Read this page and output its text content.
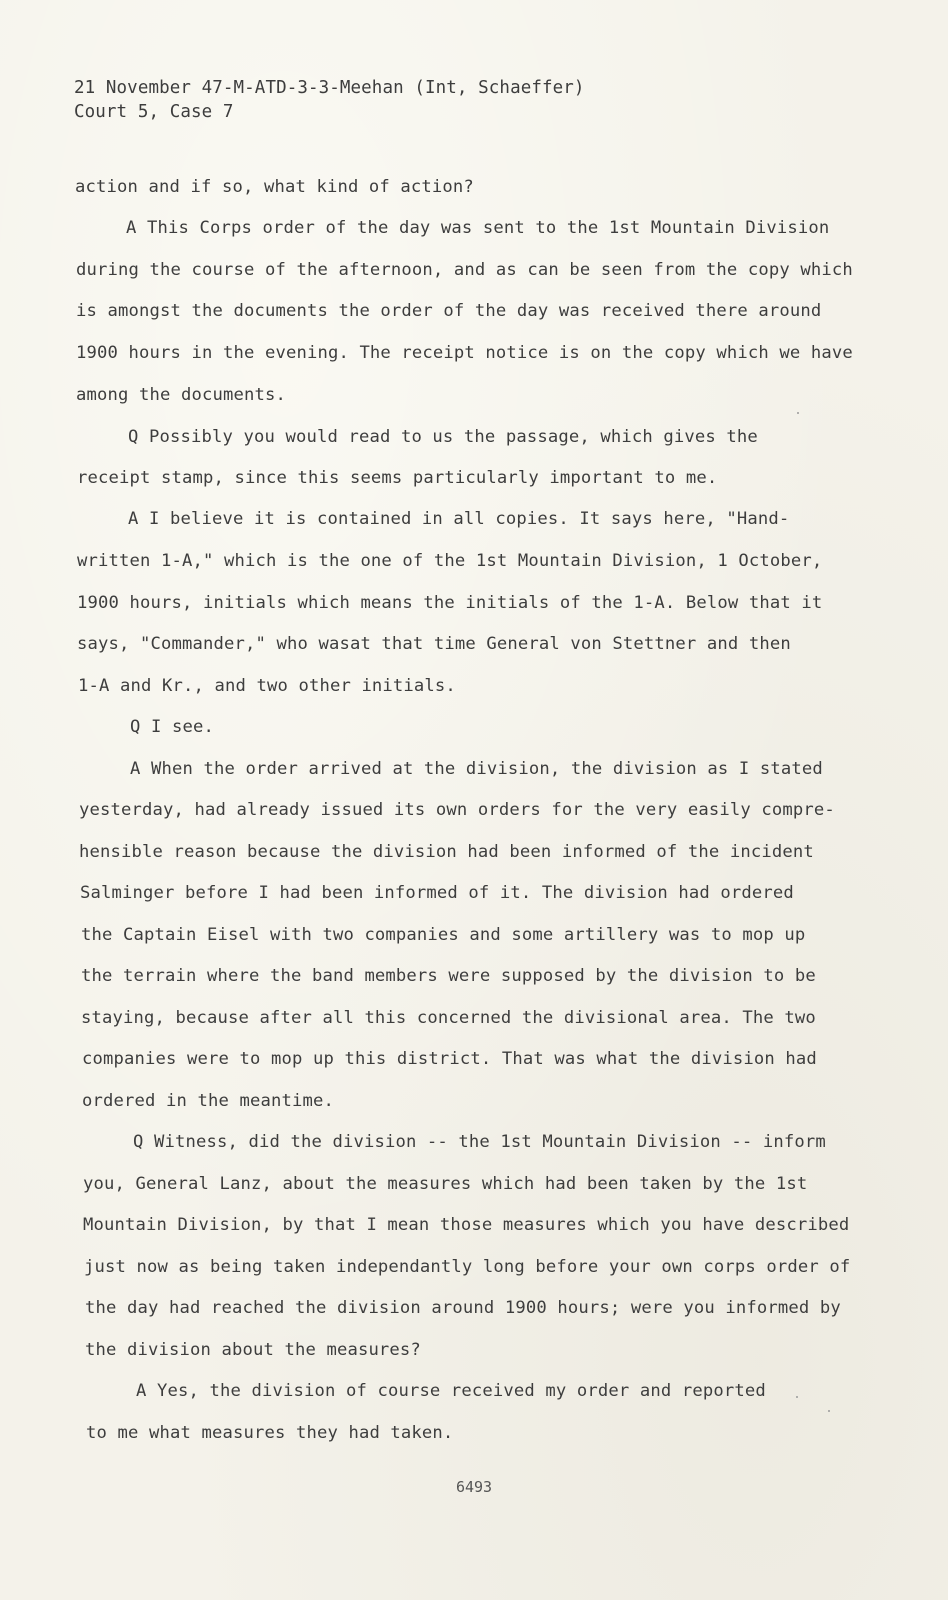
21 November 47-M-ATD-3-3-Meehan (Int, Schaeffer)
Court 5, Case 7
action and if so, what kind of action?
A This Corps order of the day was sent to the 1st Mountain Division
during the course of the afternoon, and as can be seen from the copy which
is amongst the documents the order of the day was received there around
1900 hours in the evening. The receipt notice is on the copy which we have
among the documents.
Q Possibly you would read to us the passage, which gives the
receipt stamp, since this seems particularly important to me.
A I believe it is contained in all copies. It says here, "Hand-
written 1-A," which is the one of the 1st Mountain Division, 1 October,
1900 hours, initials which means the initials of the 1-A. Below that it
says, "Commander," who wasat that time General von Stettner and then
1-A and Kr., and two other initials.
Q I see.
A When the order arrived at the division, the division as I stated
yesterday, had already issued its own orders for the very easily compre-
hensible reason because the division had been informed of the incident
Salminger before I had been informed of it. The division had ordered
the Captain Eisel with two companies and some artillery was to mop up
the terrain where the band members were supposed by the division to be
staying, because after all this concerned the divisional area. The two
companies were to mop up this district. That was what the division had
ordered in the meantime.
Q Witness, did the division -- the 1st Mountain Division -- inform
you, General Lanz, about the measures which had been taken by the 1st
Mountain Division, by that I mean those measures which you have described
just now as being taken independantly long before your own corps order of
the day had reached the division around 1900 hours; were you informed by
the division about the measures?
A Yes, the division of course received my order and reported
to me what measures they had taken.
6493
